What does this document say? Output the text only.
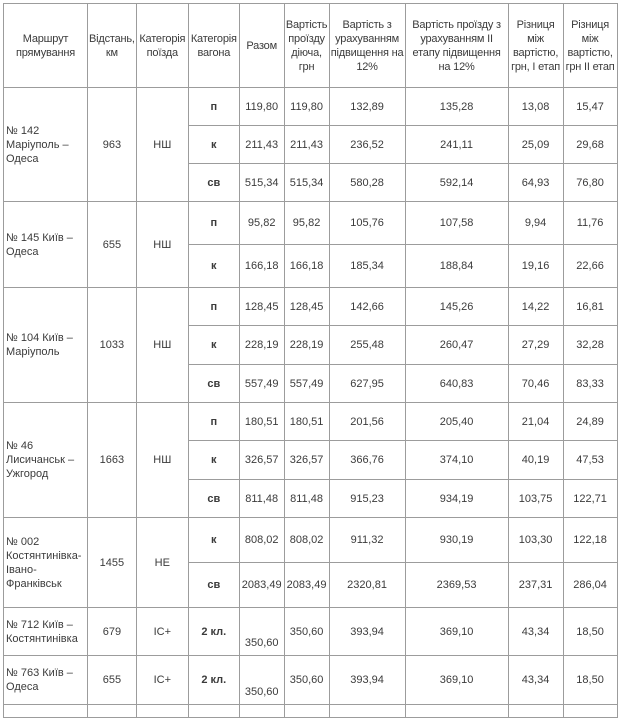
Маршрут прямування	Відстань, км	Категорія поїзда	Категорія вагона	Разом	Вартість проїзду діюча, грн	Вартість з урахуванням підвищення на 12%	Вартість проїзду з урахуванням II етапу підвищення на 12%	Різниця між вартістю, грн, I етап	Різниця між вартістю, грн II етап
№ 142 Маріуполь – Одеса	963	НШ	п	119,80	119,80	132,89	135,28	13,08	15,47
			к	211,43	211,43	236,52	241,11	25,09	29,68
			св	515,34	515,34	580,28	592,14	64,93	76,80
№ 145 Київ – Одеса	655	НШ	п	95,82	95,82	105,76	107,58	9,94	11,76
			к	166,18	166,18	185,34	188,84	19,16	22,66
№ 104 Київ – Маріуполь	1033	НШ	п	128,45	128,45	142,66	145,26	14,22	16,81
			к	228,19	228,19	255,48	260,47	27,29	32,28
			св	557,49	557,49	627,95	640,83	70,46	83,33
№ 46 Лисичанськ – Ужгород	1663	НШ	п	180,51	180,51	201,56	205,40	21,04	24,89
			к	326,57	326,57	366,76	374,10	40,19	47,53
			св	811,48	811,48	915,23	934,19	103,75	122,71
№ 002 Костянтинівка-Івано-Франківськ	1455	НЕ	к	808,02	808,02	911,32	930,19	103,30	122,18
			св	2083,49	2083,49	2320,81	2369,53	237,31	286,04
№ 712 Київ – Костянтинівка	679	ІС+	2 кл.	350,60	350,60	393,94	369,10	43,34	18,50
№ 763 Київ – Одеса	655	ІС+	2 кл.	350,60	350,60	393,94	369,10	43,34	18,50
